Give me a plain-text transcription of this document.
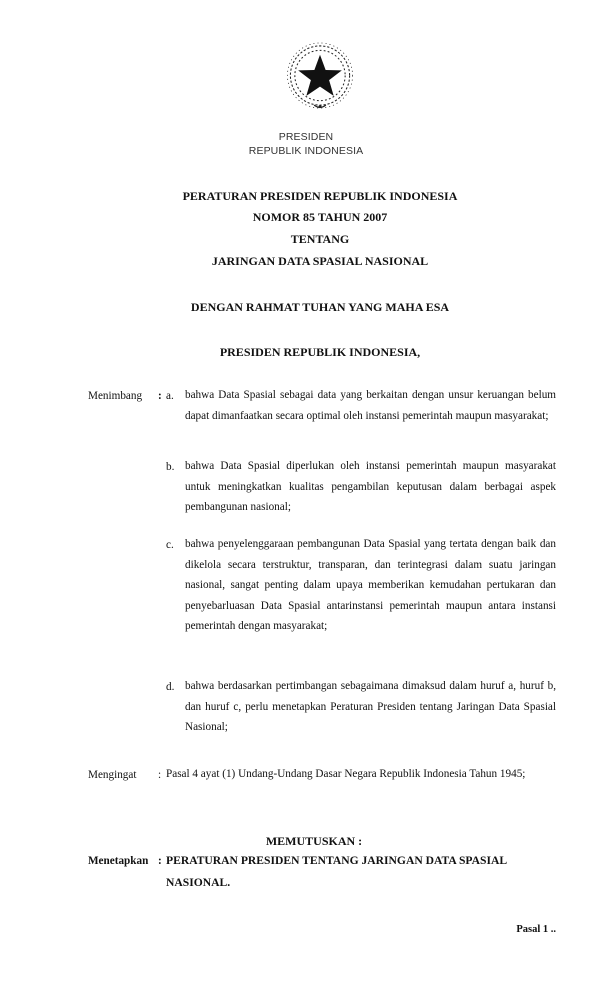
PRESIDEN
REPUBLIK INDONESIA
PERATURAN PRESIDEN REPUBLIK INDONESIA
NOMOR 85 TAHUN 2007
TENTANG
JARINGAN DATA SPASIAL NASIONAL
DENGAN RAHMAT TUHAN YANG MAHA ESA
PRESIDEN REPUBLIK INDONESIA,
Menimbang : a. bahwa Data Spasial sebagai data yang berkaitan dengan unsur keruangan belum dapat dimanfaatkan secara optimal oleh instansi pemerintah maupun masyarakat;
b. bahwa Data Spasial diperlukan oleh instansi pemerintah maupun masyarakat untuk meningkatkan kualitas pengambilan keputusan dalam berbagai aspek pembangunan nasional;
c. bahwa penyelenggaraan pembangunan Data Spasial yang tertata dengan baik dan dikelola secara terstruktur, transparan, dan terintegrasi dalam suatu jaringan nasional, sangat penting dalam upaya memberikan kemudahan pertukaran dan penyebarluasan Data Spasial antarinstansi pemerintah maupun antara instansi pemerintah dengan masyarakat;
d. bahwa berdasarkan pertimbangan sebagaimana dimaksud dalam huruf a, huruf b, dan huruf c, perlu menetapkan Peraturan Presiden tentang Jaringan Data Spasial Nasional;
Mengingat : Pasal 4 ayat (1) Undang-Undang Dasar Negara Republik Indonesia Tahun 1945;
MEMUTUSKAN :
Menetapkan : PERATURAN PRESIDEN TENTANG JARINGAN DATA SPASIAL NASIONAL.
Pasal 1 ..
